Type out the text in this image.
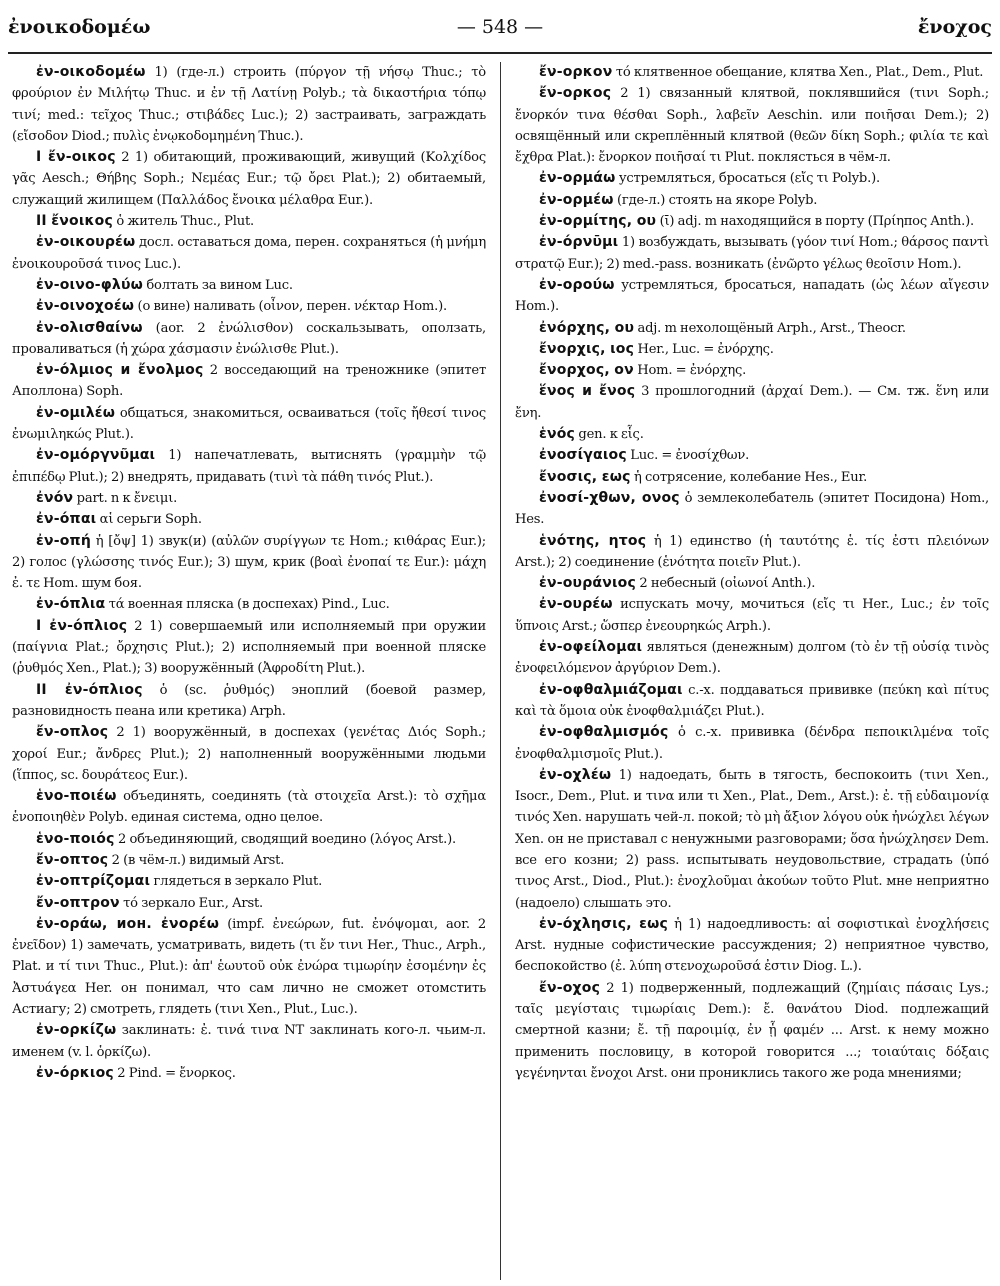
— 548 —
ἐνοικοδομέω	ἔνοχος

ἐν-οικοδομέω 1) (где-л.) строить (πύργον τῇ νήσῳ Thuc.; τὸ φρούριον ἐν Μιλήτῳ Thuc. и ἐν τῇ Λατίνῃ Polyb.; τὰ δικαστήρια τόπῳ τινί; med.: τεῖχος Thuc.; στιβάδες Luc.); 2) застраивать, заграждать (εἴσοδον Diod.; πυλὶς ἐνῳκοδομημένη Thuc.).

I ἔν-οικος 2 1) обитающий, проживающий, живущий (Κολχίδος γᾶς Aesch.; Θήβης Soph.; Νεμέας Eur.; τῷ ὄρει Plat.); 2) обитаемый, служащий жилищем (Παλλάδος ἔνοικα μέλαθρα Eur.).

II ἔνοικος ὁ житель Thuc., Plut.

ἐν-οικουρέω досл. оставаться дома, перен. сохраняться (ἡ μνήμη ἐνοικουροῦσά τινος Luc.).

ἐν-οινο-φλύω болтать за вином Luc.

ἐν-οινοχοέω (о вине) наливать (οἶνον, перен. νέκταρ Hom.).

ἐν-ολισθαίνω (aor. 2 ἐνώλισθον) соскальзывать, оползать, проваливаться (ἡ χώρα χάσμασιν ἐνώλισθε Plut.).

ἐν-όλμιος и ἔνολμος 2 восседающий на треножнике (эпитет Аполлона) Soph.

ἐν-ομιλέω общаться, знакомиться, осваиваться (τοῖς ἤθεσί τινος ἐνωμιληκώς Plut.).

ἐν-ομόργνῦμαι 1) напечатлевать, вытиснять (γραμμὴν τῷ ἐπιπέδῳ Plut.); 2) внедрять, придавать (τινὶ τὰ πάθη τινός Plut.).

ἐνόν part. n к ἔνειμι.

ἐν-όπαι αἱ серьги Soph.

ἐν-οπή ἡ [ὄψ] 1) звук(и) (αὐλῶν συρίγγων τε Hom.; κιθάρας Eur.); 2) голос (γλώσσης τινός Eur.); 3) шум, крик (βοαὶ ἐνοπαί τε Eur.): μάχη ἐ. τε Hom. шум боя.

ἐν-όπλια τά военная пляска (в доспехах) Pind., Luc.

I ἐν-όπλιος 2 1) совершаемый или исполняемый при оружии (παίγνια Plat.; ὄρχησις Plut.); 2) исполняемый при военной пляске (ῥυθμός Xen., Plat.); 3) вооружённый (Ἀφροδίτη Plut.).

II ἐν-όπλιος ὁ (sc. ῥυθμός) эноплий (боевой размер, разновидность пеана или кретика) Arph.

ἔν-οπλος 2 1) вооружённый, в доспехах (γενέτας Διός Soph.; χοροί Eur.; ἄνδρες Plut.); 2) наполненный вооружёнными людьми (ἵππος, sc. δουράτεος Eur.).

ἑνο-ποιέω объединять, соединять (τὰ στοιχεῖα Arst.): τὸ σχῆμα ἑνοποιηθὲν Polyb. единая система, одно целое.

ἑνο-ποιός 2 объединяющий, сводящий воедино (λόγος Arst.).

ἔν-οπτος 2 (в чём-л.) видимый Arst.

ἐν-οπτρίζομαι глядеться в зеркало Plut.

ἔν-οπτρον τό зеркало Eur., Arst.

ἐν-οράω, ион. ἐνορέω (impf. ἐνεώρων, fut. ἐνόψομαι, aor. 2 ἐνεῖδον) 1) замечать, усматривать, видеть (τι ἔν τινι Her., Thuc., Arph., Plat. и τί τινι Thuc., Plut.): ἀπ' ἑωυτοῦ οὐκ ἐνώρα τιμωρίην ἐσομένην ἐς Ἀστυάγεα Her. он понимал, что сам лично не сможет отомстить Астиагу; 2) смотреть, глядеть (τινι Xen., Plut., Luc.).

ἐν-ορκίζω заклинать: ἐ. τινά τινα NT заклинать кого-л. чьим-л. именем (v. l. ὁρκίζω).

ἐν-όρκιος 2 Pind. = ἔνορκος.

ἔν-ορκον τό клятвенное обещание, клятва Xen., Plat., Dem., Plut.

ἔν-ορκος 2 1) связанный клятвой, поклявшийся (τινι Soph.; ἔνορκόν τινα θέσθαι Soph., λαβεῖν Aeschin. или ποιῆσαι Dem.); 2) освящённый или скреплённый клятвой (θεῶν δίκη Soph.; φιλία τε καὶ ἔχθρα Plat.): ἔνορκον ποιῆσαί τι Plut. поклясться в чём-л.

ἐν-ορμάω устремляться, бросаться (εἴς τι Polyb.).

ἐν-ορμέω (где-л.) стоять на якоре Polyb.

ἐν-ορμίτης, ου (ῑ) adj. m находящийся в порту (Πρίηπος Anth.).

ἐν-όρνῡμι 1) возбуждать, вызывать (γόον τινί Hom.; θάρσος παντὶ στρατῷ Eur.); 2) med.-pass. возникать (ἐνῶρτο γέλως θεοῖσιν Hom.).

ἐν-ορούω устремляться, бросаться, нападать (ὡς λέων αἴγεσιν Hom.).

ἐνόρχης, ου adj. m нехолощёный Arph., Arst., Theocr.

ἔνορχις, ιος Her., Luc. = ἐνόρχης.

ἔνορχος, ον Hom. = ἐνόρχης.

ἕνος и ἔνος 3 прошлогодний (ἀρχαί Dem.). — См. тж. ἕνη или ἔνη.

ἑνός gen. к εἷς.

ἐνοσίγαιος Luc. = ἐνοσίχθων.

ἔνοσις, εως ἡ сотрясение, колебание Hes., Eur.

ἐνοσί-χθων, ονος ὁ землеколебатель (эпитет Посидона) Hom., Hes.

ἑνότης, ητος ἡ 1) единство (ἡ ταυτότης ἑ. τίς ἐστι πλειόνων Arst.); 2) соединение (ἑνότητα ποιεῖν Plut.).

ἐν-ουράνιος 2 небесный (οἰωνοί Anth.).

ἐν-ουρέω испускать мочу, мочиться (εἴς τι Her., Luc.; ἐν τοῖς ὕπνοις Arst.; ὥσπερ ἐνεουρηκώς Arph.).

ἐν-οφείλομαι являться (денежным) долгом (τὸ ἐν τῇ οὐσίᾳ τινὸς ἐνοφειλόμενον ἀργύριον Dem.).

ἐν-οφθαλμιάζομαι с.-х. поддаваться прививке (πεύκη καὶ πίτυς καὶ τὰ ὅμοια οὐκ ἐνοφθαλμιάζει Plut.).

ἐν-οφθαλμισμός ὁ с.-х. прививка (δένδρα πεποικιλμένα τοῖς ἐνοφθαλμισμοῖς Plut.).

ἐν-οχλέω 1) надоедать, быть в тягость, беспокоить (τινι Xen., Isocr., Dem., Plut. и τινα или τι Xen., Plat., Dem., Arst.): ἐ. τῇ εὐδαιμονίᾳ τινός Xen. нарушать чей-л. покой; τὸ μὴ ἄξιον λόγου οὐκ ἠνώχλει λέγων Xen. он не приставал с ненужными разговорами; ὅσα ἠνώχλησεν Dem. все его козни; 2) pass. испытывать неудовольствие, страдать (ὑπό τινος Arst., Diod., Plut.): ἐνοχλοῦμαι ἀκούων τοῦτο Plut. мне неприятно (надоело) слышать это.

ἐν-όχλησις, εως ἡ 1) надоедливость: αἱ σοφιστικαὶ ἐνοχλήσεις Arst. нудные софистические рассуждения; 2) неприятное чувство, беспокойство (ἐ. λύπη στενοχωροῦσά ἐστιν Diog. L.).

ἔν-οχος 2 1) подверженный, подлежащий (ζημίαις πάσαις Lys.; ταῖς μεγίσταις τιμωρίαις Dem.): ἔ. θανάτου Diod. подлежащий смертной казни; ἔ. τῇ παροιμίᾳ, ἐν ᾗ φαμέν ... Arst. к нему можно применить пословицу, в которой говорится ...; τοιαύταις δόξαις γεγένηνται ἔνοχοι Arst. они прониклись такого же рода мнениями;
